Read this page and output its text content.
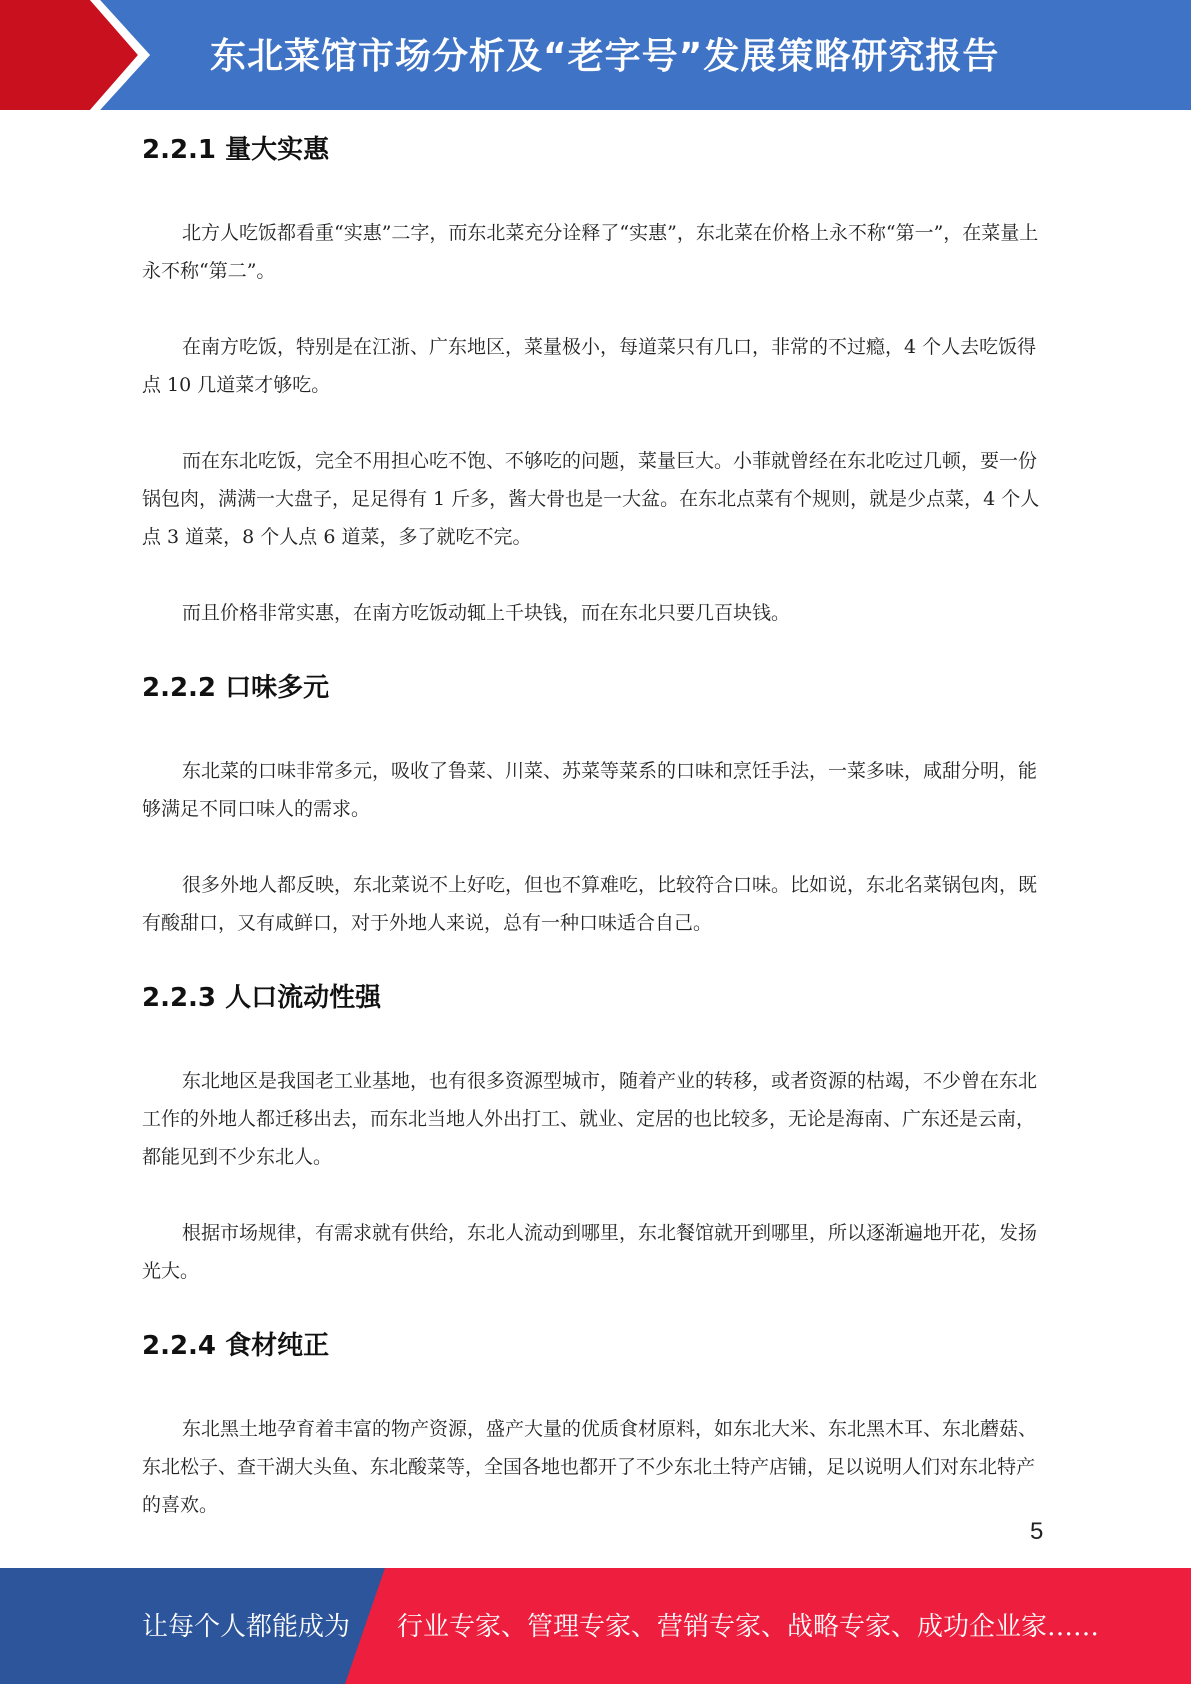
东北菜馆市场分析及“老字号”发展策略研究报告
2.2.1 量大实惠

北方人吃饭都看重“实惠”二字，而东北菜充分诠释了“实惠”，东北菜在价格上永不称“第一”，在菜量上永不称“第二”。

在南方吃饭，特别是在江浙、广东地区，菜量极小，每道菜只有几口，非常的不过瘾，4 个人去吃饭得点 10 几道菜才够吃。

而在东北吃饭，完全不用担心吃不饱、不够吃的问题，菜量巨大。小菲就曾经在东北吃过几顿，要一份锅包肉，满满一大盘子，足足得有 1 斤多，酱大骨也是一大盆。在东北点菜有个规则，就是少点菜，4 个人点 3 道菜，8 个人点 6 道菜，多了就吃不完。

而且价格非常实惠，在南方吃饭动辄上千块钱，而在东北只要几百块钱。

2.2.2 口味多元

东北菜的口味非常多元，吸收了鲁菜、川菜、苏菜等菜系的口味和烹饪手法，一菜多味，咸甜分明，能够满足不同口味人的需求。

很多外地人都反映，东北菜说不上好吃，但也不算难吃，比较符合口味。比如说，东北名菜锅包肉，既有酸甜口，又有咸鲜口，对于外地人来说，总有一种口味适合自己。

2.2.3 人口流动性强

东北地区是我国老工业基地，也有很多资源型城市，随着产业的转移，或者资源的枯竭，不少曾在东北工作的外地人都迁移出去，而东北当地人外出打工、就业、定居的也比较多，无论是海南、广东还是云南，都能见到不少东北人。

根据市场规律，有需求就有供给，东北人流动到哪里，东北餐馆就开到哪里，所以逐渐遍地开花，发扬光大。

2.2.4 食材纯正

东北黑土地孕育着丰富的物产资源，盛产大量的优质食材原料，如东北大米、东北黑木耳、东北蘑菇、东北松子、查干湖大头鱼、东北酸菜等，全国各地也都开了不少东北土特产店铺，足以说明人们对东北特产的喜欢。

5
让每个人都能成为 行业专家、管理专家、营销专家、战略专家、成功企业家……
